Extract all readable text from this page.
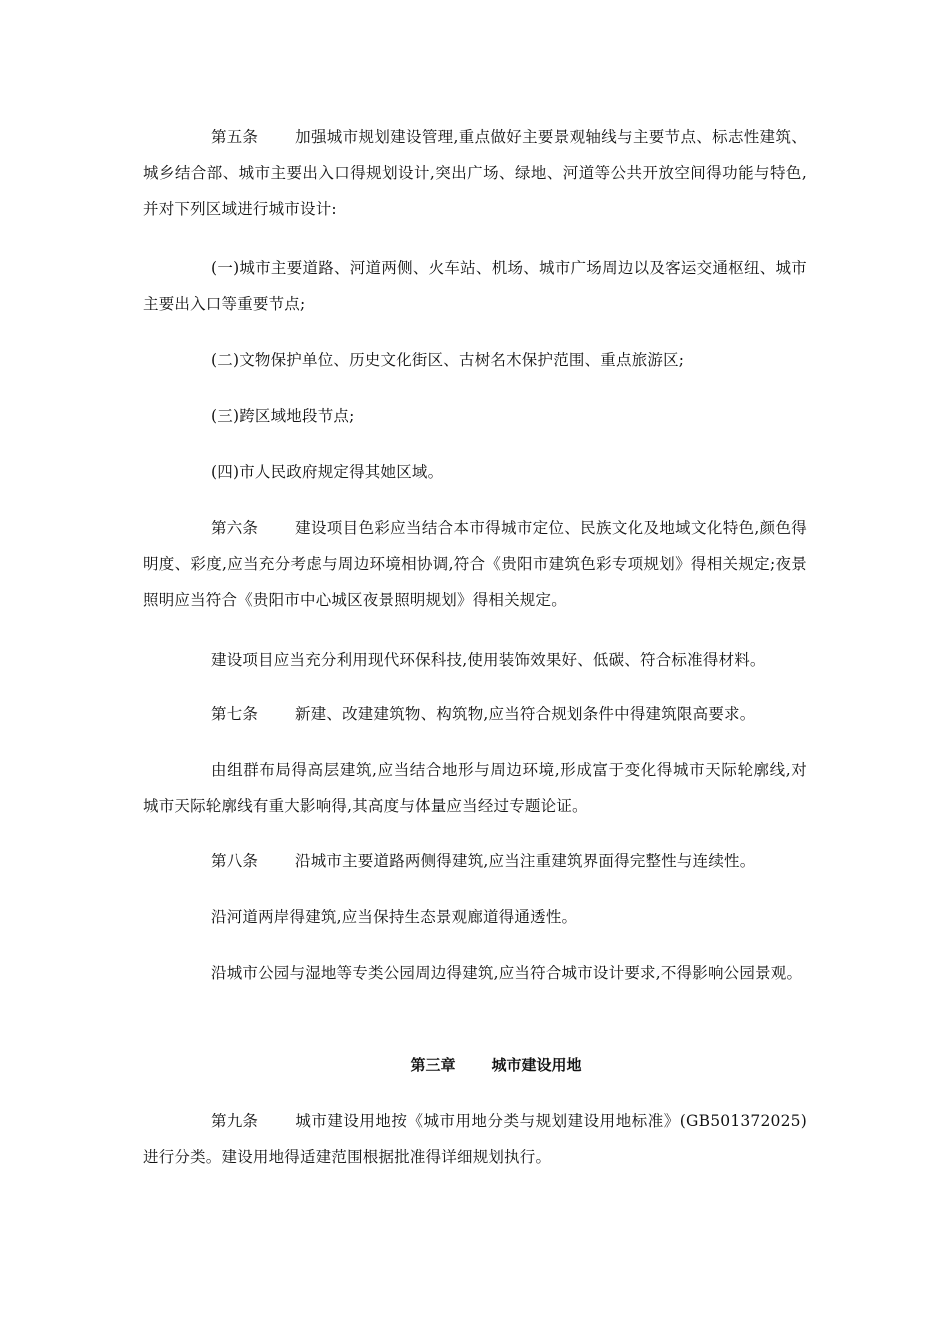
第五条 加强城市规划建设管理,重点做好主要景观轴线与主要节点、标志性建筑、城乡结合部、城市主要出入口得规划设计,突出广场、绿地、河道等公共开放空间得功能与特色,并对下列区域进行城市设计:

(一)城市主要道路、河道两侧、火车站、机场、城市广场周边以及客运交通枢纽、城市主要出入口等重要节点;

(二)文物保护单位、历史文化街区、古树名木保护范围、重点旅游区;

(三)跨区域地段节点;

(四)市人民政府规定得其她区域。

第六条 建设项目色彩应当结合本市得城市定位、民族文化及地域文化特色,颜色得明度、彩度,应当充分考虑与周边环境相协调,符合《贵阳市建筑色彩专项规划》得相关规定;夜景照明应当符合《贵阳市中心城区夜景照明规划》得相关规定。

建设项目应当充分利用现代环保科技,使用装饰效果好、低碳、符合标准得材料。

第七条 新建、改建建筑物、构筑物,应当符合规划条件中得建筑限高要求。

由组群布局得高层建筑,应当结合地形与周边环境,形成富于变化得城市天际轮廓线,对城市天际轮廓线有重大影响得,其高度与体量应当经过专题论证。

第八条 沿城市主要道路两侧得建筑,应当注重建筑界面得完整性与连续性。

沿河道两岸得建筑,应当保持生态景观廊道得通透性。

沿城市公园与湿地等专类公园周边得建筑,应当符合城市设计要求,不得影响公园景观。

第三章 城市建设用地

第九条 城市建设用地按《城市用地分类与规划建设用地标准》(GB501372025)进行分类。建设用地得适建范围根据批准得详细规划执行。
